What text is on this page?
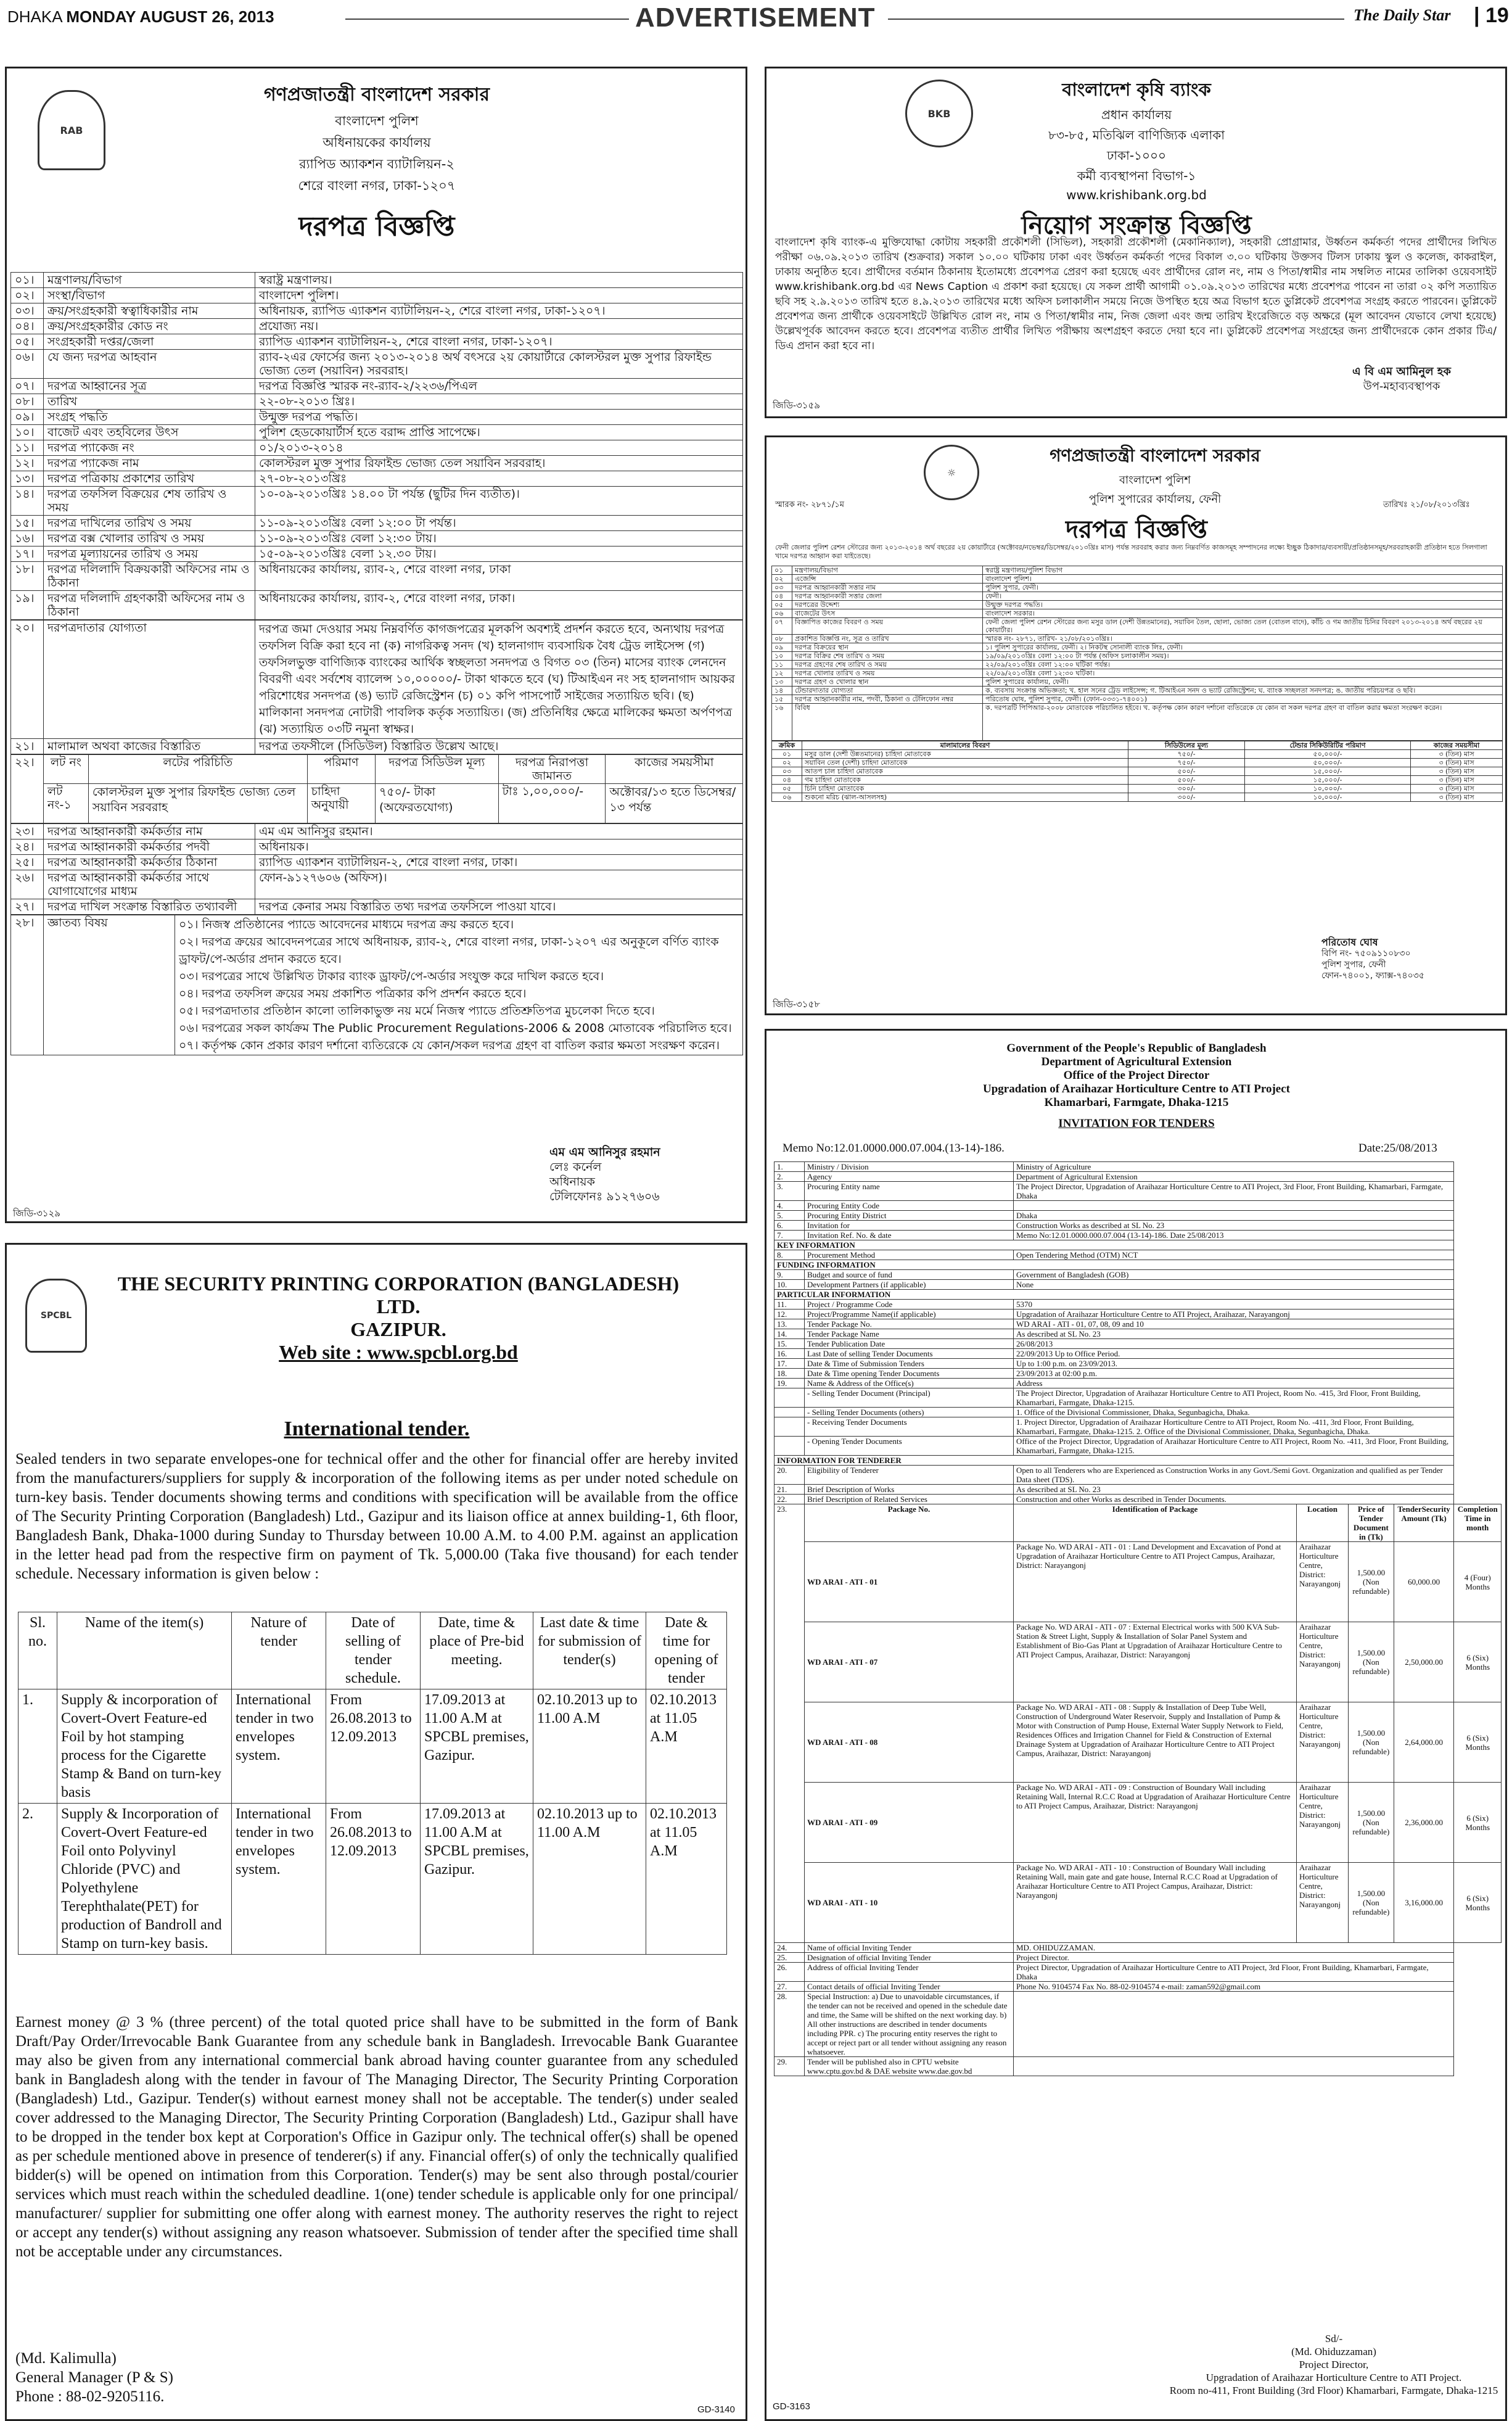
DHAKA MONDAY AUGUST 26, 2013	ADVERTISEMENT	The Daily Star | 19
RAB
গণপ্রজাতন্ত্রী বাংলাদেশ সরকার
বাংলাদেশ পুলিশ
অধিনায়কের কার্যালয়
র‍্যাপিড অ্যাকশন ব্যাটালিয়ন-২
শেরে বাংলা নগর, ঢাকা-১২০৭
দরপত্র বিজ্ঞপ্তি
০১।	মন্ত্রণালয়/বিভাগ	স্বরাষ্ট্র মন্ত্রণালয়।
০২।	সংস্থা/বিভাগ	বাংলাদেশ পুলিশ।
০৩।	ক্রয়/সংগ্রহকারী স্বত্বাধিকারীর নাম	অধিনায়ক, র‍্যাপিড এ্যাকশন ব্যাটালিয়ন-২, শেরে বাংলা নগর, ঢাকা-১২০৭।
০৪।	ক্রয়/সংগ্রহকারীর কোড নং	প্রযোজ্য নয়।
০৫।	সংগ্রহকারী দপ্তর/জেলা	র‍্যাপিড এ্যাকশন ব্যাটালিয়ন-২, শেরে বাংলা নগর, ঢাকা-১২০৭।
০৬।	যে জন্য দরপত্র আহবান	র‍্যাব-২এর ফোর্সের জন্য ২০১৩-২০১৪ অর্থ বৎসরে ২য় কোয়ার্টারে কোলস্টরল মুক্ত সুপার রিফাইন্ড ভোজ্য তেল (সয়াবিন) সরবরাহ।
০৭।	দরপত্র আহ্বানের সূত্র	দরপত্র বিজ্ঞপ্তি স্মারক নং-র‍্যাব-২/২২৩৬/পিএল
০৮।	তারিখ	২২-০৮-২০১৩ খ্রিঃ।
০৯।	সংগ্রহ পদ্ধতি	উন্মুক্ত দরপত্র পদ্ধতি।
১০।	বাজেট এবং তহবিলের উৎস	পুলিশ হেডকোয়ার্টার্স হতে বরাদ্দ প্রাপ্তি সাপেক্ষে।
১১।	দরপত্র প্যাকেজ নং	০১/২০১৩-২০১৪
১২।	দরপত্র প্যাকেজ নাম	কোলস্টরল মুক্ত সুপার রিফাইন্ড ভোজ্য তেল সয়াবিন সরবরাহ।
১৩।	দরপত্র পত্রিকায় প্রকাশের তারিখ	২৭-০৮-২০১৩খ্রিঃ
১৪।	দরপত্র তফসিল বিক্রয়ের শেষ তারিখ ও সময়	১০-০৯-২০১৩খ্রিঃ ১৪.০০ টা পর্যন্ত (ছুটির দিন ব্যতীত)।
১৫।	দরপত্র দাখিলের তারিখ ও সময়	১১-০৯-২০১৩খ্রিঃ বেলা ১২:০০ টা পর্যন্ত।
১৬।	দরপত্র বক্স খোলার তারিখ ও সময়	১১-০৯-২০১৩খ্রিঃ বেলা ১২:৩০ টায়।
১৭।	দরপত্র মূল্যায়নের তারিখ ও সময়	১৫-০৯-২০১৩খ্রিঃ বেলা ১২.৩০ টায়।
১৮।	দরপত্র দলিলাদি বিক্রয়কারী অফিসের নাম ও ঠিকানা	অধিনায়কের কার্যালয়, র‍্যাব-২, শেরে বাংলা নগর, ঢাকা
১৯।	দরপত্র দলিলাদি গ্রহণকারী অফিসের নাম ও ঠিকানা	অধিনায়কের কার্যালয়, র‍্যাব-২, শেরে বাংলা নগর, ঢাকা।
২০।	দরপত্রদাতার যোগ্যতা	দরপত্র জমা দেওয়ার সময় নিম্নবর্ণিত কাগজপত্রের মূলকপি অবশ্যই প্রদর্শন করতে হবে, অন্যথায় দরপত্র তফসিল বিক্রি করা হবে না (ক) নাগরিকত্ব সনদ (খ) হালনাগাদ ব্যবসায়িক বৈধ ট্রেড লাইসেন্স (গ) তফসিলভুক্ত বাণিজ্যিক ব্যাংকের আর্থিক স্বচ্ছলতা সনদপত্র ও বিগত ০৩ (তিন) মাসের ব্যাংক লেনদেন বিবরণী এবং সর্বশেষ ব্যালেন্স ১০,০০০০০/- টাকা থাকতে হবে (ঘ) টিআইএন নং সহ হালনাগাদ আয়কর পরিশোধের সনদপত্র (ঙ) ভ্যাট রেজিস্ট্রেশন (চ) ০১ কপি পাসপোর্ট সাইজের সত্যায়িত ছবি। (ছ) মালিকানা সনদপত্র নোটারী পাবলিক কর্তৃক সত্যায়িত। (জ) প্রতিনিধির ক্ষেত্রে মালিকের ক্ষমতা অর্পণপত্র (ঝ) সত্যায়িত ০৩টি নমুনা স্বাক্ষর।
২১।	মালামাল অথবা কাজের বিস্তারিত	দরপত্র তফসীলে (সিডিউল) বিস্তারিত উল্লেখ আছে।
২২।	লট নং	লটের পরিচিতি	পরিমাণ	দরপত্র সিডিউল মূল্য	দরপত্র নিরাপত্তা জামানত	কাজের সময়সীমা
	লট নং-১	কোলস্টরল মুক্ত সুপার রিফাইন্ড ভোজ্য তেল সয়াবিন সরবরাহ	চাহিদা অনুযায়ী	৭৫০/- টাকা (অফেরতযোগ্য)	টাঃ ১,০০,০০০/-	অক্টোবর/১৩ হতে ডিসেম্বর/১৩ পর্যন্ত
২৩।	দরপত্র আহ্বানকারী কর্মকর্তার নাম	এম এম আনিসুর রহমান।
২৪।	দরপত্র আহ্বানকারী কর্মকর্তার পদবী	অধিনায়ক।
২৫।	দরপত্র আহ্বানকারী কর্মকর্তার ঠিকানা	র‍্যাপিড এ্যাকশন ব্যাটালিয়ন-২, শেরে বাংলা নগর, ঢাকা।
২৬।	দরপত্র আহ্বানকারী কর্মকর্তার সাথে যোগাযোগের মাধ্যম	ফোন-৯১২৭৬০৬ (অফিস)।
২৭।	দরপত্র দাখিল সংক্রান্ত বিস্তারিত তথ্যাবলী	দরপত্র কেনার সময় বিস্তারিত তথ্য দরপত্র তফসিলে পাওয়া যাবে।
২৮।	জ্ঞাতব্য বিষয়	০১। নিজস্ব প্রতিষ্ঠানের প্যাডে আবেদনের মাধ্যমে দরপত্র ক্রয় করতে হবে।
০২। দরপত্র ক্রয়ের আবেদনপত্রের সাথে অধিনায়ক, র‍্যাব-২, শেরে বাংলা নগর, ঢাকা-১২০৭ এর অনুকূলে বর্ণিত ব্যাংক ড্রাফট/পে-অর্ডার প্রদান করতে হবে।
০৩। দরপত্রের সাথে উল্লিখিত টাকার ব্যাংক ড্রাফট/পে-অর্ডার সংযুক্ত করে দাখিল করতে হবে।
০৪। দরপত্র তফসিল ক্রয়ের সময় প্রকাশিত পত্রিকার কপি প্রদর্শন করতে হবে।
০৫। দরপত্রদাতার প্রতিষ্ঠান কালো তালিকাভুক্ত নয় মর্মে নিজস্ব প্যাডে প্রতিশ্রুতিপত্র মুচলেকা দিতে হবে।
০৬। দরপত্রের সকল কার্যক্রম The Public Procurement Regulations-2006 & 2008 মোতাবেক পরিচালিত হবে।
০৭। কর্তৃপক্ষ কোন প্রকার কারণ দর্শানো ব্যতিরেকে যে কোন/সকল দরপত্র গ্রহণ বা বাতিল করার ক্ষমতা সংরক্ষণ করেন।
এম এম আনিসুর রহমান
লেঃ কর্নেল
অধিনায়ক
টেলিফোনঃ ৯১২৭৬০৬
জিডি-৩১২৯
BKB
বাংলাদেশ কৃষি ব্যাংক
প্রধান কার্যালয়
৮৩-৮৫, মতিঝিল বাণিজ্যিক এলাকা
ঢাকা-১০০০
কর্মী ব্যবস্থাপনা বিভাগ-১
www.krishibank.org.bd
নিয়োগ সংক্রান্ত বিজ্ঞপ্তি
বাংলাদেশ কৃষি ব্যাংক-এ মুক্তিযোদ্ধা কোটায় সহকারী প্রকৌশলী (সিভিল), সহকারী প্রকৌশলী (মেকানিক্যাল), সহকারী প্রোগ্রামার, উর্ধ্বতন কর্মকর্তা পদের প্রার্থীদের লিখিত পরীক্ষা ০৬.০৯.২০১৩ তারিখ (শুক্রবার) সকাল ১০.০০ ঘটিকায় ঢাকা এবং উর্ধ্বতন কর্মকর্তা পদের বিকাল ৩.০০ ঘটিকায় উক্তসব টিলস ঢাকায় স্কুল ও কলেজ, কাকরাইল, ঢাকায় অনুষ্ঠিত হবে। প্রার্থীদের বর্তমান ঠিকানায় ইতোমধ্যে প্রবেশপত্র প্রেরণ করা হয়েছে এবং প্রার্থীদের রোল নং, নাম ও পিতা/স্বামীর নাম সম্বলিত নামের তালিকা ওয়েবসাইট www.krishibank.org.bd এর News Caption এ প্রকাশ করা হয়েছে। যে সকল প্রার্থী আগামী ০১.০৯.২০১৩ তারিখের মধ্যে প্রবেশপত্র পাবেন না তারা ০২ কপি সত্যায়িত ছবি সহ ২.৯.২০১৩ তারিখ হতে ৪.৯.২০১৩ তারিখের মধ্যে অফিস চলাকালীন সময়ে নিজে উপস্থিত হয়ে অত্র বিভাগ হতে ডুপ্লিকেট প্রবেশপত্র সংগ্রহ করতে পারবেন। ডুপ্লিকেট প্রবেশপত্র জন্য প্রার্থীকে ওয়েবসাইটে উল্লিখিত রোল নং, নাম ও পিতা/স্বামীর নাম, নিজ জেলা এবং জন্ম তারিখ ইংরেজিতে বড় অক্ষরে (মূল আবেদন যেভাবে লেখা হয়েছে) উল্লেখপূর্বক আবেদন করতে হবে। প্রবেশপত্র ব্যতীত প্রার্থীর লিখিত পরীক্ষায় অংশগ্রহণ করতে দেয়া হবে না। ডুপ্লিকেট প্রবেশপত্র সংগ্রহের জন্য প্রার্থীদেরকে কোন প্রকার টিএ/ডিএ প্রদান করা হবে না।
এ বি এম আমিনুল হক
উপ-মহাব্যবস্থাপক
জিডি-৩১৫৯
☼
গণপ্রজাতন্ত্রী বাংলাদেশ সরকার
বাংলাদেশ পুলিশ
পুলিশ সুপারের কার্যালয়, ফেনী
স্মারক নং- ২৮৭১/১ম	তারিখঃ ২১/০৮/২০১৩খ্রিঃ
দরপত্র বিজ্ঞপ্তি
ফেনী জেলার পুলিশ রেশন স্টোরের জন্য ২০১৩-২০১৪ অর্থ বছরের ২য় কোয়ার্টারে (অক্টোবর/নভেম্বর/ডিসেম্বর/২০১৩খ্রিঃ মাস) পর্যন্ত সরবরাহ করার জন্য নিম্নবর্ণিত কাজসমূহ সম্পাদনের লক্ষ্যে ইচ্ছুক ঠিকাদার/ব্যবসায়ী/প্রতিষ্ঠানসমূহ/সরবরাহকারী প্রতিষ্ঠান হতে সিলগালা খামে দরপত্র আহ্বান করা যাইতেছে।
০১	মন্ত্রণালয়/বিভাগ	স্বরাষ্ট্র মন্ত্রণালয়/পুলিশ বিভাগ
০২	এজেন্সি	বাংলাদেশ পুলিশ।
০৩	দরপত্র আহ্বানকারী সত্তার নাম	পুলিশ সুপার, ফেনী।
০৪	দরপত্র আহ্বানকারী সত্তার জেলা	ফেনী।
০৫	দরপত্রের উদ্দেশ্য	উন্মুক্ত দরপত্র পদ্ধতি।
০৬	বাজেটের উৎস	বাংলাদেশ সরকার।
০৭	বিজ্ঞাপিত কাজের বিবরণ ও সময়	ফেনী জেলা পুলিশ রেশন স্টোরের জন্য মসুর ডাল (দেশী উন্নতমানের), সয়াবিন তৈল, ছোলা, ভোজ্য তেল (বোতল বাদে), কাঁচি ও গম জাতীয় চিনির বিবরণ ২০১৩-২০১৪ অর্থ বছরের ২য় কোয়ার্টার।
০৮	প্রকাশিত বিজ্ঞপ্তি নং, সূত্র ও তারিখ	স্মারক নং- ২৮৭১, তারিখ- ২১/০৮/২০১৩খ্রিঃ।
০৯	দরপত্র বিক্রয়ের স্থান	১। পুলিশ সুপারের কার্যালয়, ফেনী। ২। নিকটস্থ সোনালী ব্যাংক লিঃ, ফেনী।
১০	দরপত্র বিক্রির শেষ তারিখ ও সময়	১৯/০৯/২০১৩খ্রিঃ বেলা ১২:০০ টা পর্যন্ত (অফিস চলাকালীন সময়)।
১১	দরপত্র গ্রহণের শেষ তারিখ ও সময়	২২/০৯/২০১৩খ্রিঃ বেলা ১২:০০ ঘটিকা পর্যন্ত।
১২	দরপত্র খোলার তারিখ ও সময়	২২/০৯/২০১৩খ্রিঃ বেলা ১২:৩০ ঘটিকা।
১৩	দরপত্র গ্রহণ ও খোলার স্থান	পুলিশ সুপারের কার্যালয়, ফেনী।
১৪	টেন্ডারদাতার যোগ্যতা	ক. ব্যবসায় সংক্রান্ত অভিজ্ঞতা; খ. হাল সনের ট্রেড লাইসেন্স; গ. টিআইএন সনদ ও ভ্যাট রেজিস্ট্রেশন; ঘ. ব্যাংক সচ্ছলতা সনদপত্র; ঙ. জাতীয় পরিচয়পত্র ও ছবি।
১৫	দরপত্র আহ্বানকারীর নাম, পদবী, ঠিকানা ও টেলিফোন নম্বর	পরিতোষ ঘোষ, পুলিশ সুপার, ফেনী। (ফোন-০৩৩১-৭৪০০১)
১৬	বিবিধ	ক. দরপত্রটি পিপিআর-২০০৮ মোতাবেক পরিচালিত হইবে। খ. কর্তৃপক্ষ কোন কারণ দর্শানো ব্যতিরেকে যে কোন বা সকল দরপত্র গ্রহণ বা বাতিল করার ক্ষমতা সংরক্ষণ করেন।
ক্রমিক	মালামালের বিবরণ	সিডিউলের মূল্য	টেন্ডার সিকিউরিটির পরিমাণ	কাজের সময়সীমা
০১	মসুর ডাল (দেশী উন্নতমানের) চাহিদা মোতাবেক	৭৫০/-	৫০,০০০/-	৩ (তিন) মাস
০২	সয়াবিন তেল (দেশী) চাহিদা মোতাবেক	৭৫০/-	৫০,০০০/-	৩ (তিন) মাস
০৩	আতপ চাল চাহিদা মোতাবেক	৫০০/-	১৫,০০০/-	৩ (তিন) মাস
০৪	গম চাহিদা মোতাবেক	৫০০/-	১৫,০০০/-	৩ (তিন) মাস
০৫	চিনি চাহিদা মোতাবেক	৩০০/-	১০,০০০/-	৩ (তিন) মাস
০৬	শুকনো মরিচ (ঝাল-আসলসহ)	৩০০/-	১০,০০০/-	৩ (তিন) মাস
পরিতোষ ঘোষ
বিপি নং- ৭৫০৯১১০৮৩০
পুলিশ সুপার, ফেনী
ফোন-৭৪০০১, ফ্যাক্স-৭৪০৩৫
জিডি-৩১৫৮
SPCBL
THE SECURITY PRINTING CORPORATION (BANGLADESH) LTD.
GAZIPUR.
Web site : www.spcbl.org.bd
International tender.
Sealed tenders in two separate envelopes-one for technical offer and the other for financial offer are hereby invited from the manufacturers/suppliers for supply & incorporation of the following items as per under noted schedule on turn-key basis. Tender documents showing terms and conditions with specification will be available from the office of The Security Printing Corporation (Bangladesh) Ltd., Gazipur and its liaison office at annex building-1, 6th floor, Bangladesh Bank, Dhaka-1000 during Sunday to Thursday between 10.00 A.M. to 4.00 P.M. against an application in the letter head pad from the respective firm on payment of Tk. 5,000.00 (Taka five thousand) for each tender schedule. Necessary information is given below :
Sl. no.	Name of the item(s)	Nature of tender	Date of selling of tender schedule.	Date, time & place of Pre-bid meeting.	Last date & time for submission of tender(s)	Date & time for opening of tender
1.	Supply & incorporation of Covert-Overt Feature-ed Foil by hot stamping process for the Cigarette Stamp & Band on turn-key basis	International tender in two envelopes system.	From 26.08.2013 to 12.09.2013	17.09.2013 at 11.00 A.M at SPCBL premises, Gazipur.	02.10.2013 up to 11.00 A.M	02.10.2013 at 11.05 A.M
2.	Supply & Incorporation of Covert-Overt Feature-ed Foil onto Polyvinyl Chloride (PVC) and Polyethylene Terephthalate(PET) for production of Bandroll and Stamp on turn-key basis.	International tender in two envelopes system.	From 26.08.2013 to 12.09.2013	17.09.2013 at 11.00 A.M at SPCBL premises, Gazipur.	02.10.2013 up to 11.00 A.M	02.10.2013 at 11.05 A.M
Earnest money @ 3 % (three percent) of the total quoted price shall have to be submitted in the form of Bank Draft/Pay Order/Irrevocable Bank Guarantee from any schedule bank in Bangladesh. Irrevocable Bank Guarantee may also be given from any international commercial bank abroad having counter guarantee from any scheduled bank in Bangladesh along with the tender in favour of The Managing Director, The Security Printing Corporation (Bangladesh) Ltd., Gazipur. Tender(s) without earnest money shall not be acceptable. The tender(s) under sealed cover addressed to the Managing Director, The Security Printing Corporation (Bangladesh) Ltd., Gazipur shall have to be dropped in the tender box kept at Corporation's Office in Gazipur only. The technical offer(s) shall be opened as per schedule mentioned above in presence of tenderer(s) if any. Financial offer(s) of only the technically qualified bidder(s) will be opened on intimation from this Corporation. Tender(s) may be sent also through postal/courier services which must reach within the scheduled deadline. 1(one) tender schedule is applicable only for one principal/ manufacturer/ supplier for submitting one offer along with earnest money. The authority reserves the right to reject or accept any tender(s) without assigning any reason whatsoever. Submission of tender after the specified time shall not be acceptable under any circumstances.
(Md. Kalimulla)
General Manager (P & S)
Phone : 88-02-9205116.
GD-3140
Government of the People's Republic of Bangladesh
Department of Agricultural Extension
Office of the Project Director
Upgradation of Araihazar Horticulture Centre to ATI Project
Khamarbari, Farmgate, Dhaka-1215
INVITATION FOR TENDERS
Memo No:12.01.0000.000.07.004.(13-14)-186.	Date:25/08/2013
1.	Ministry / Division	Ministry of Agriculture				
2.	Agency	Department of Agricultural Extension				
3.	Procuring Entity name	The Project Director, Upgradation of Araihazar Horticulture Centre to ATI Project, 3rd Floor, Front Building, Khamarbari, Farmgate, Dhaka				
4.	Procuring Entity Code					
5.	Procuring Entity District	Dhaka				
6.	Invitation for	Construction Works as described at SL No. 23				
7.	Invitation Ref. No. & date	Memo No:12.01.0000.000.07.004 (13-14)-186. Date 25/08/2013				
KEY INFORMATION						
8.	Procurement Method	Open Tendering Method (OTM) NCT				
FUNDING INFORMATION						
9.	Budget and source of fund	Government of Bangladesh (GOB)				
10.	Development Partners (if applicable)	None				
PARTICULAR INFORMATION						
11.	Project / Programme Code	5370				
12.	Project/Programme Name(if applicable)	Upgradation of Araihazar Horticulture Centre to ATI Project, Araihazar, Narayangonj				
13.	Tender Package No.	WD ARAI - ATI - 01, 07, 08, 09 and 10				
14.	Tender Package Name	As described at SL No. 23				
15.	Tender Publication Date	26/08/2013				
16.	Last Date of selling Tender Documents	22/09/2013 Up to Office Period.				
17.	Date & Time of Submission Tenders	Up to 1:00 p.m. on 23/09/2013.				
18.	Date & Time opening Tender Documents	23/09/2013 at 02:00 p.m.				
19.	Name & Address of the Office(s)	Address				
	- Selling Tender Document (Principal)	The Project Director, Upgradation of Araihazar Horticulture Centre to ATI Project, Room No. -415, 3rd Floor, Front Building, Khamarbari, Farmgate, Dhaka-1215.				
	- Selling Tender Documents (others)	1. Office of the Divisional Commissioner, Dhaka, Segunbagicha, Dhaka.				
	- Receiving Tender Documents	1. Project Director, Upgradation of Araihazar Horticulture Centre to ATI Project, Room No. -411, 3rd Floor, Front Building, Khamarbari, Farmgate, Dhaka-1215. 2. Office of the Divisional Commissioner, Dhaka, Segunbagicha, Dhaka.				
	- Opening Tender Documents	Office of the Project Director, Upgradation of Araihazar Horticulture Centre to ATI Project, Room No. -411, 3rd Floor, Front Building, Khamarbari, Farmgate, Dhaka-1215.				
INFORMATION FOR TENDERER						
20.	Eligibility of Tenderer	Open to all Tenderers who are Experienced as Construction Works in any Govt./Semi Govt. Organization and qualified as per Tender Data sheet (TDS).				
21.	Brief Description of Works	As described at SL No. 23				
22.	Brief Description of Related Services	Construction and other Works as described in Tender Documents.				
23.	Package No.	Identification of Package	Location	Price of Tender Document in (Tk)	TenderSecurity Amount (Tk)	Completion Time in month
	WD ARAI - ATI - 01	Package No. WD ARAI - ATI - 01 : Land Development and Excavation of Pond at Upgradation of Araihazar Horticulture Centre to ATI Project Campus, Araihazar, District: Narayangonj	Araihazar Horticulture Centre, District: Narayangonj	1,500.00 (Non refundable)	60,000.00	4 (Four) Months
	WD ARAI - ATI - 07	Package No. WD ARAI - ATI - 07 : External Electrical works with 500 KVA Sub-Station & Street Light, Supply & Installation of Solar Panel System and Establishment of Bio-Gas Plant at Upgradation of Araihazar Horticulture Centre to ATI Project Campus, Araihazar, District: Narayangonj	Araihazar Horticulture Centre, District: Narayangonj	1,500.00 (Non refundable)	2,50,000.00	6 (Six) Months
	WD ARAI - ATI - 08	Package No. WD ARAI - ATI - 08 : Supply & Installation of Deep Tube Well, Construction of Underground Water Reservoir, Supply and Installation of Pump & Motor with Construction of Pump House, External Water Supply Network to Field, Residences Offices and Irrigation Channel for Field & Construction of External Drainage System at Upgradation of Araihazar Horticulture Centre to ATI Project Campus, Araihazar, District: Narayangonj	Araihazar Horticulture Centre, District: Narayangonj	1,500.00 (Non refundable)	2,64,000.00	6 (Six) Months
	WD ARAI - ATI - 09	Package No. WD ARAI - ATI - 09 : Construction of Boundary Wall including Retaining Wall, Internal R.C.C Road at Upgradation of Araihazar Horticulture Centre to ATI Project Campus, Araihazar, District: Narayangonj	Araihazar Horticulture Centre, District: Narayangonj	1,500.00 (Non refundable)	2,36,000.00	6 (Six) Months
	WD ARAI - ATI - 10	Package No. WD ARAI - ATI - 10 : Construction of Boundary Wall including Retaining Wall, main gate and gate house, Internal R.C.C Road at Upgradation of Araihazar Horticulture Centre to ATI Project Campus, Araihazar, District: Narayangonj	Araihazar Horticulture Centre, District: Narayangonj	1,500.00 (Non refundable)	3,16,000.00	6 (Six) Months
24.	Name of official Inviting Tender	MD. OHIDUZZAMAN.				
25.	Designation of official Inviting Tender	Project Director.				
26.	Address of official Inviting Tender	Project Director, Upgradation of Araihazar Horticulture Centre to ATI Project, 3rd Floor, Front Building, Khamarbari, Farmgate, Dhaka				
27.	Contact details of official Inviting Tender	Phone No. 9104574 Fax No. 88-02-9104574 e-mail: zaman592@gmail.com				
28.	Special Instruction: a) Due to unavoidable circumstances, if the tender can not be received and opened in the schedule date and time, the Same will be shifted on the next working day. b) All other instructions are described in tender documents including PPR. c) The procuring entity reserves the right to accept or reject part or all tender without assigning any reason whatsoever.					
29.	Tender will be published also in CPTU website www.cptu.gov.bd & DAE website www.dae.gov.bd					
Sd/-
(Md. Ohiduzzaman)
Project Director,
Upgradation of Araihazar Horticulture Centre to ATI Project.
Room no-411, Front Building (3rd Floor) Khamarbari, Farmgate, Dhaka-1215
GD-3163
